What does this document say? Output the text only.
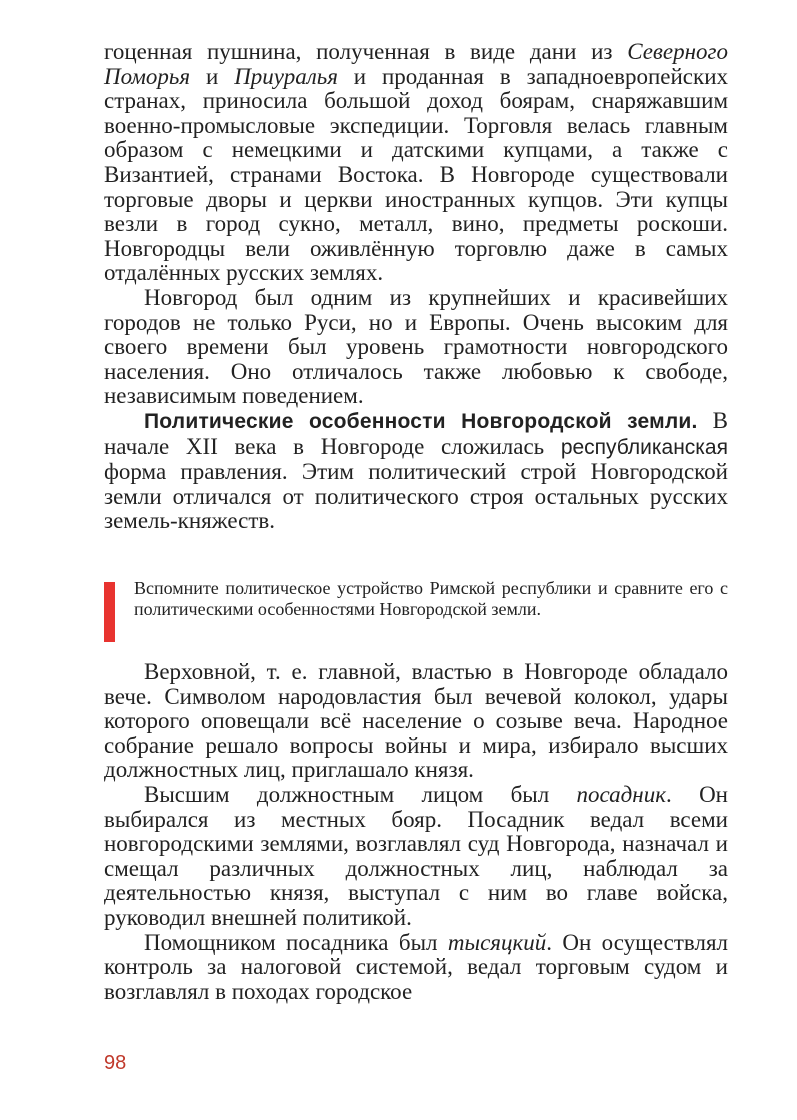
гоценная пушнина, полученная в виде дани из Северного Поморья и Приуралья и проданная в западноевропейских странах, приносила большой доход боярам, снаряжавшим военно-промысловые экспедиции. Торговля велась главным образом с немецкими и датскими купцами, а также с Византией, странами Востока. В Новгороде существовали торговые дворы и церкви иностранных купцов. Эти купцы везли в город сукно, металл, вино, предметы роскоши. Новгородцы вели оживлённую торговлю даже в самых отдалённых русских землях.

Новгород был одним из крупнейших и красивейших городов не только Руси, но и Европы. Очень высоким для своего времени был уровень грамотности новгородского населения. Оно отличалось также любовью к свободе, независимым поведением.

Политические особенности Новгородской земли. В начале XII века в Новгороде сложилась республиканская форма правления. Этим политический строй Новгородской земли отличался от политического строя остальных русских земель-княжеств.

Вспомните политическое устройство Римской республики и сравните его с политическими особенностями Новгородской земли.

Верховной, т. е. главной, властью в Новгороде обладало вече. Символом народовластия был вечевой колокол, удары которого оповещали всё население о созыве веча. Народное собрание решало вопросы войны и мира, избирало высших должностных лиц, приглашало князя.

Высшим должностным лицом был посадник. Он выбирался из местных бояр. Посадник ведал всеми новгородскими землями, возглавлял суд Новгорода, назначал и смещал различных должностных лиц, наблюдал за деятельностью князя, выступал с ним во главе войска, руководил внешней политикой.

Помощником посадника был тысяцкий. Он осуществлял контроль за налоговой системой, ведал торговым судом и возглавлял в походах городское

98
